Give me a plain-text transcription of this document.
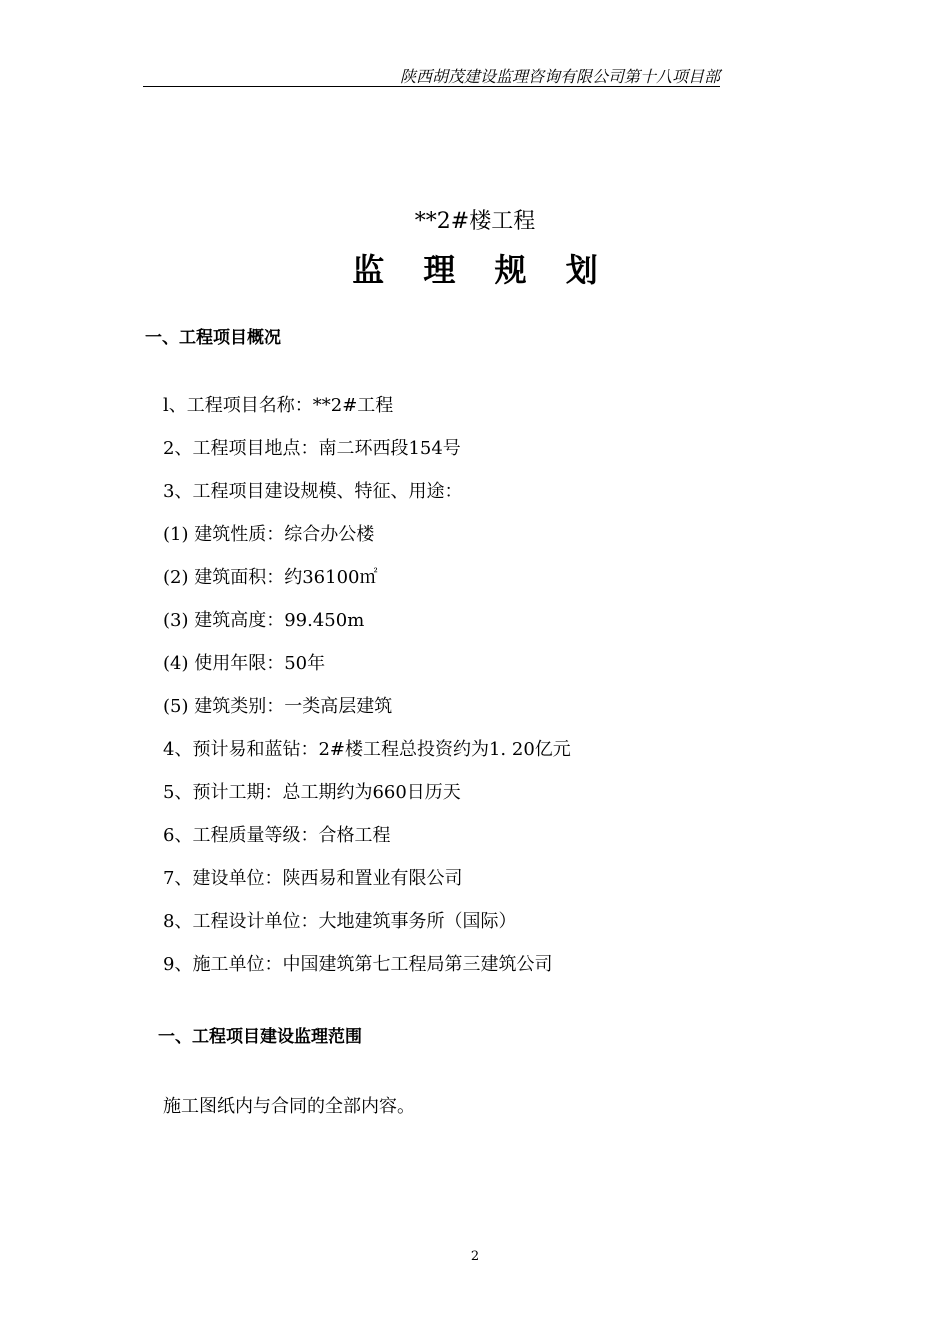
陕西胡茂建设监理咨询有限公司第十八项目部
**2#楼工程
监 理 规 划
一、工程项目概况
l、工程项目名称：**2#工程
2、工程项目地点：南二环西段154号
3、工程项目建设规模、特征、用途：
(1) 建筑性质：综合办公楼
(2) 建筑面积：约36100㎡
(3) 建筑高度：99.450m
(4) 使用年限：50年
(5) 建筑类别：一类高层建筑
4、预计易和蓝钻：2#楼工程总投资约为1. 20亿元
5、预计工期：总工期约为660日历天
6、工程质量等级：合格工程
7、建设单位：陕西易和置业有限公司
8、工程设计单位：大地建筑事务所（国际）
9、施工单位：中国建筑第七工程局第三建筑公司
一、工程项目建设监理范围
施工图纸内与合同的全部内容。
2
